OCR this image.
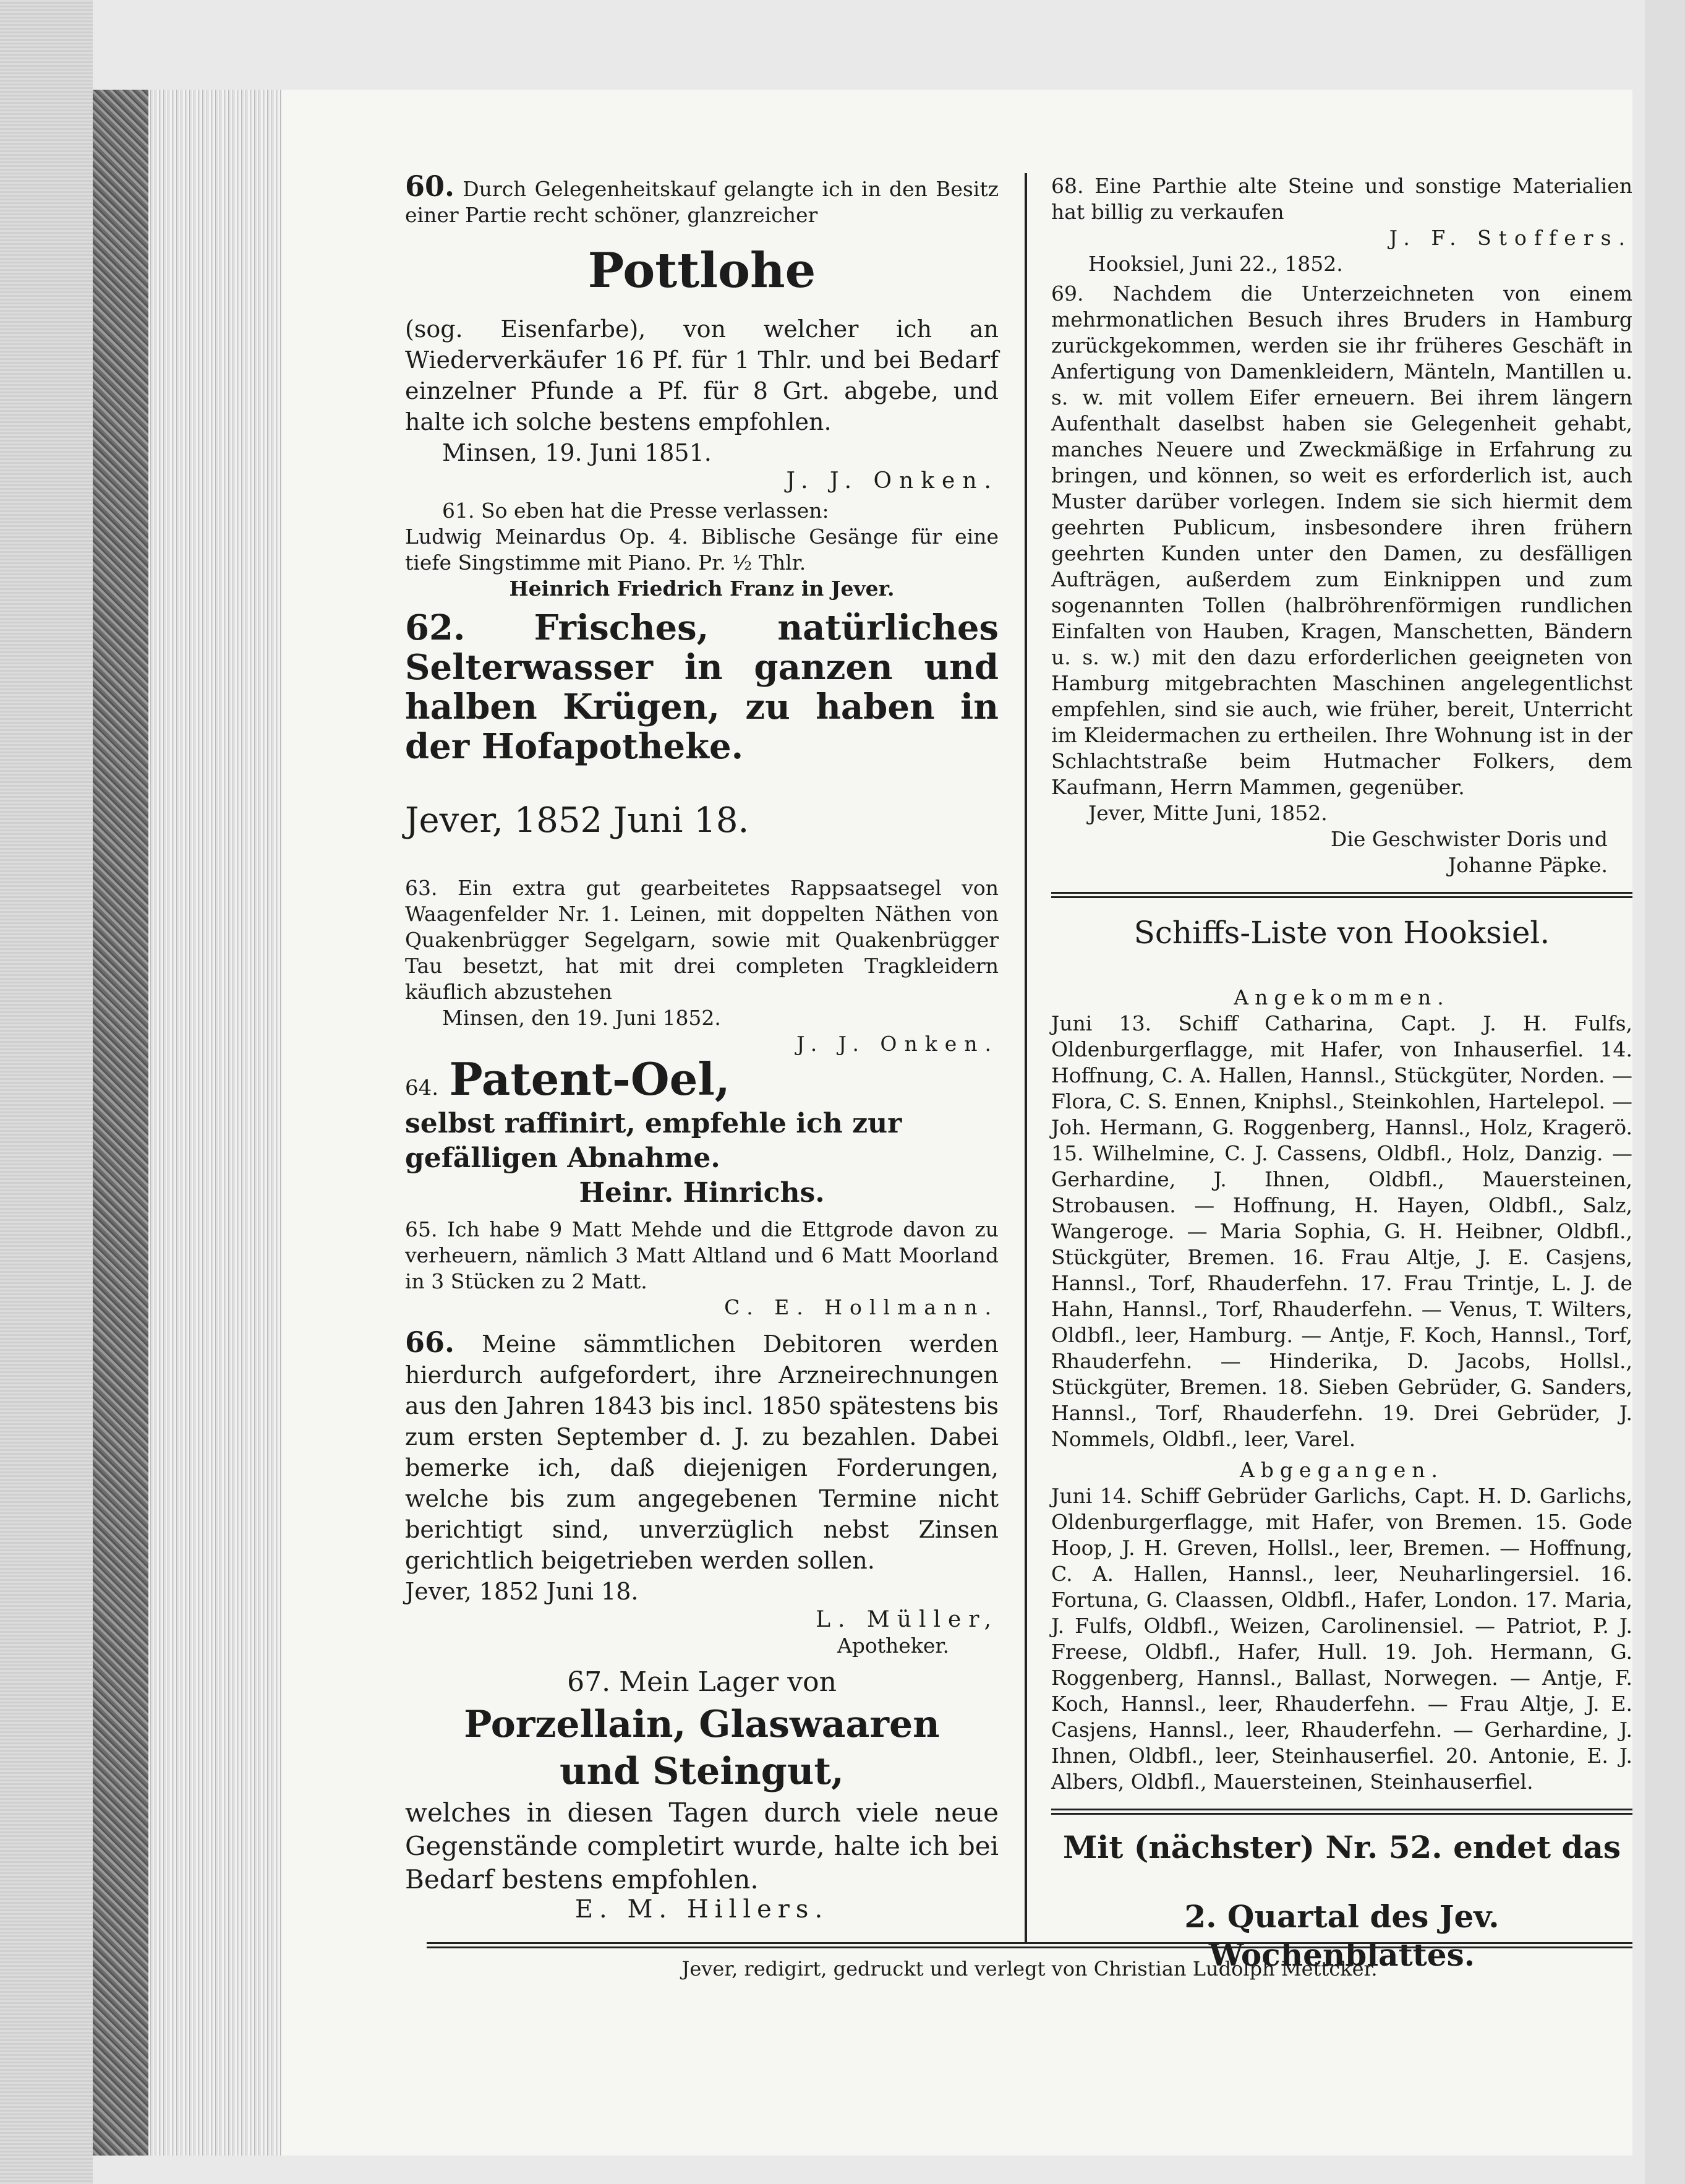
60. Durch Gelegenheitskauf gelangte ich in den Besitz einer Partie recht schöner, glanzreicher

Pottlohe

(sog. Eisenfarbe), von welcher ich an Wiederverkäufer 16 Pf. für 1 Thlr. und bei Bedarf einzelner Pfunde a Pf. für 8 Grt. abgebe, und halte ich solche bestens empfohlen.

Minsen, 19. Juni 1851.

J. J. Onken.

61. So eben hat die Presse verlassen:

Ludwig Meinardus Op. 4. Biblische Gesänge für eine tiefe Singstimme mit Piano. Pr. ½ Thlr.

Heinrich Friedrich Franz in Jever.

62. Frisches, natürliches Selterwasser in ganzen und halben Krügen, zu haben in der Hofapotheke.

Jever, 1852 Juni 18.

63. Ein extra gut gearbeitetes Rappsaatsegel von Waagenfelder Nr. 1. Leinen, mit doppelten Näthen von Quakenbrügger Segelgarn, sowie mit Quakenbrügger Tau besetzt, hat mit drei completen Tragkleidern käuflich abzustehen

Minsen, den 19. Juni 1852.

J. J. Onken.

64. Patent-Oel,

selbst raffinirt, empfehle ich zur gefälligen Abnahme.

Heinr. Hinrichs.

65. Ich habe 9 Matt Mehde und die Ettgrode davon zu verheuern, nämlich 3 Matt Altland und 6 Matt Moorland in 3 Stücken zu 2 Matt.

C. E. Hollmann.

66. Meine sämmtlichen Debitoren werden hierdurch aufgefordert, ihre Arzneirechnungen aus den Jahren 1843 bis incl. 1850 spätestens bis zum ersten September d. J. zu bezahlen. Dabei bemerke ich, daß diejenigen Forderungen, welche bis zum angegebenen Termine nicht berichtigt sind, unverzüglich nebst Zinsen gerichtlich beigetrieben werden sollen.

Jever, 1852 Juni 18.

L. Müller,

Apotheker.

67. Mein Lager von

Porzellain, Glaswaaren

und Steingut,

welches in diesen Tagen durch viele neue Gegenstände completirt wurde, halte ich bei Bedarf bestens empfohlen.

E. M. Hillers.

68. Eine Parthie alte Steine und sonstige Materialien hat billig zu verkaufen

J. F. Stoffers.

Hooksiel, Juni 22., 1852.

69. Nachdem die Unterzeichneten von einem mehrmonatlichen Besuch ihres Bruders in Hamburg zurückgekommen, werden sie ihr früheres Geschäft in Anfertigung von Damenkleidern, Mänteln, Mantillen u. s. w. mit vollem Eifer erneuern. Bei ihrem längern Aufenthalt daselbst haben sie Gelegenheit gehabt, manches Neuere und Zweckmäßige in Erfahrung zu bringen, und können, so weit es erforderlich ist, auch Muster darüber vorlegen. Indem sie sich hiermit dem geehrten Publicum, insbesondere ihren frühern geehrten Kunden unter den Damen, zu desfälligen Aufträgen, außerdem zum Einknippen und zum sogenannten Tollen (halbröhrenförmigen rundlichen Einfalten von Hauben, Kragen, Manschetten, Bändern u. s. w.) mit den dazu erforderlichen geeigneten von Hamburg mitgebrachten Maschinen angelegentlichst empfehlen, sind sie auch, wie früher, bereit, Unterricht im Kleidermachen zu ertheilen. Ihre Wohnung ist in der Schlachtstraße beim Hutmacher Folkers, dem Kaufmann, Herrn Mammen, gegenüber.

Jever, Mitte Juni, 1852.

Die Geschwister Doris und

Johanne Päpke.

Schiffs-Liste von Hooksiel.

Angekommen.

Juni 13. Schiff Catharina, Capt. J. H. Fulfs, Oldenburgerflagge, mit Hafer, von Inhauserfiel. 14. Hoffnung, C. A. Hallen, Hannsl., Stückgüter, Norden. — Flora, C. S. Ennen, Kniphsl., Steinkohlen, Hartelepol. — Joh. Hermann, G. Roggenberg, Hannsl., Holz, Kragerö. 15. Wilhelmine, C. J. Cassens, Oldbfl., Holz, Danzig. — Gerhardine, J. Ihnen, Oldbfl., Mauersteinen, Strobausen. — Hoffnung, H. Hayen, Oldbfl., Salz, Wangeroge. — Maria Sophia, G. H. Heibner, Oldbfl., Stückgüter, Bremen. 16. Frau Altje, J. E. Casjens, Hannsl., Torf, Rhauderfehn. 17. Frau Trintje, L. J. de Hahn, Hannsl., Torf, Rhauderfehn. — Venus, T. Wilters, Oldbfl., leer, Hamburg. — Antje, F. Koch, Hannsl., Torf, Rhauderfehn. — Hinderika, D. Jacobs, Hollsl., Stückgüter, Bremen. 18. Sieben Gebrüder, G. Sanders, Hannsl., Torf, Rhauderfehn. 19. Drei Gebrüder, J. Nommels, Oldbfl., leer, Varel.

Abgegangen.

Juni 14. Schiff Gebrüder Garlichs, Capt. H. D. Garlichs, Oldenburgerflagge, mit Hafer, von Bremen. 15. Gode Hoop, J. H. Greven, Hollsl., leer, Bremen. — Hoffnung, C. A. Hallen, Hannsl., leer, Neuharlingersiel. 16. Fortuna, G. Claassen, Oldbfl., Hafer, London. 17. Maria, J. Fulfs, Oldbfl., Weizen, Carolinensiel. — Patriot, P. J. Freese, Oldbfl., Hafer, Hull. 19. Joh. Hermann, G. Roggenberg, Hannsl., Ballast, Norwegen. — Antje, F. Koch, Hannsl., leer, Rhauderfehn. — Frau Altje, J. E. Casjens, Hannsl., leer, Rhauderfehn. — Gerhardine, J. Ihnen, Oldbfl., leer, Steinhauserfiel. 20. Antonie, E. J. Albers, Oldbfl., Mauersteinen, Steinhauserfiel.

Mit (nächster) Nr. 52. endet das

2. Quartal des Jev. Wochenblattes.

Jever, redigirt, gedruckt und verlegt von Christian Ludolph Mettcker.
